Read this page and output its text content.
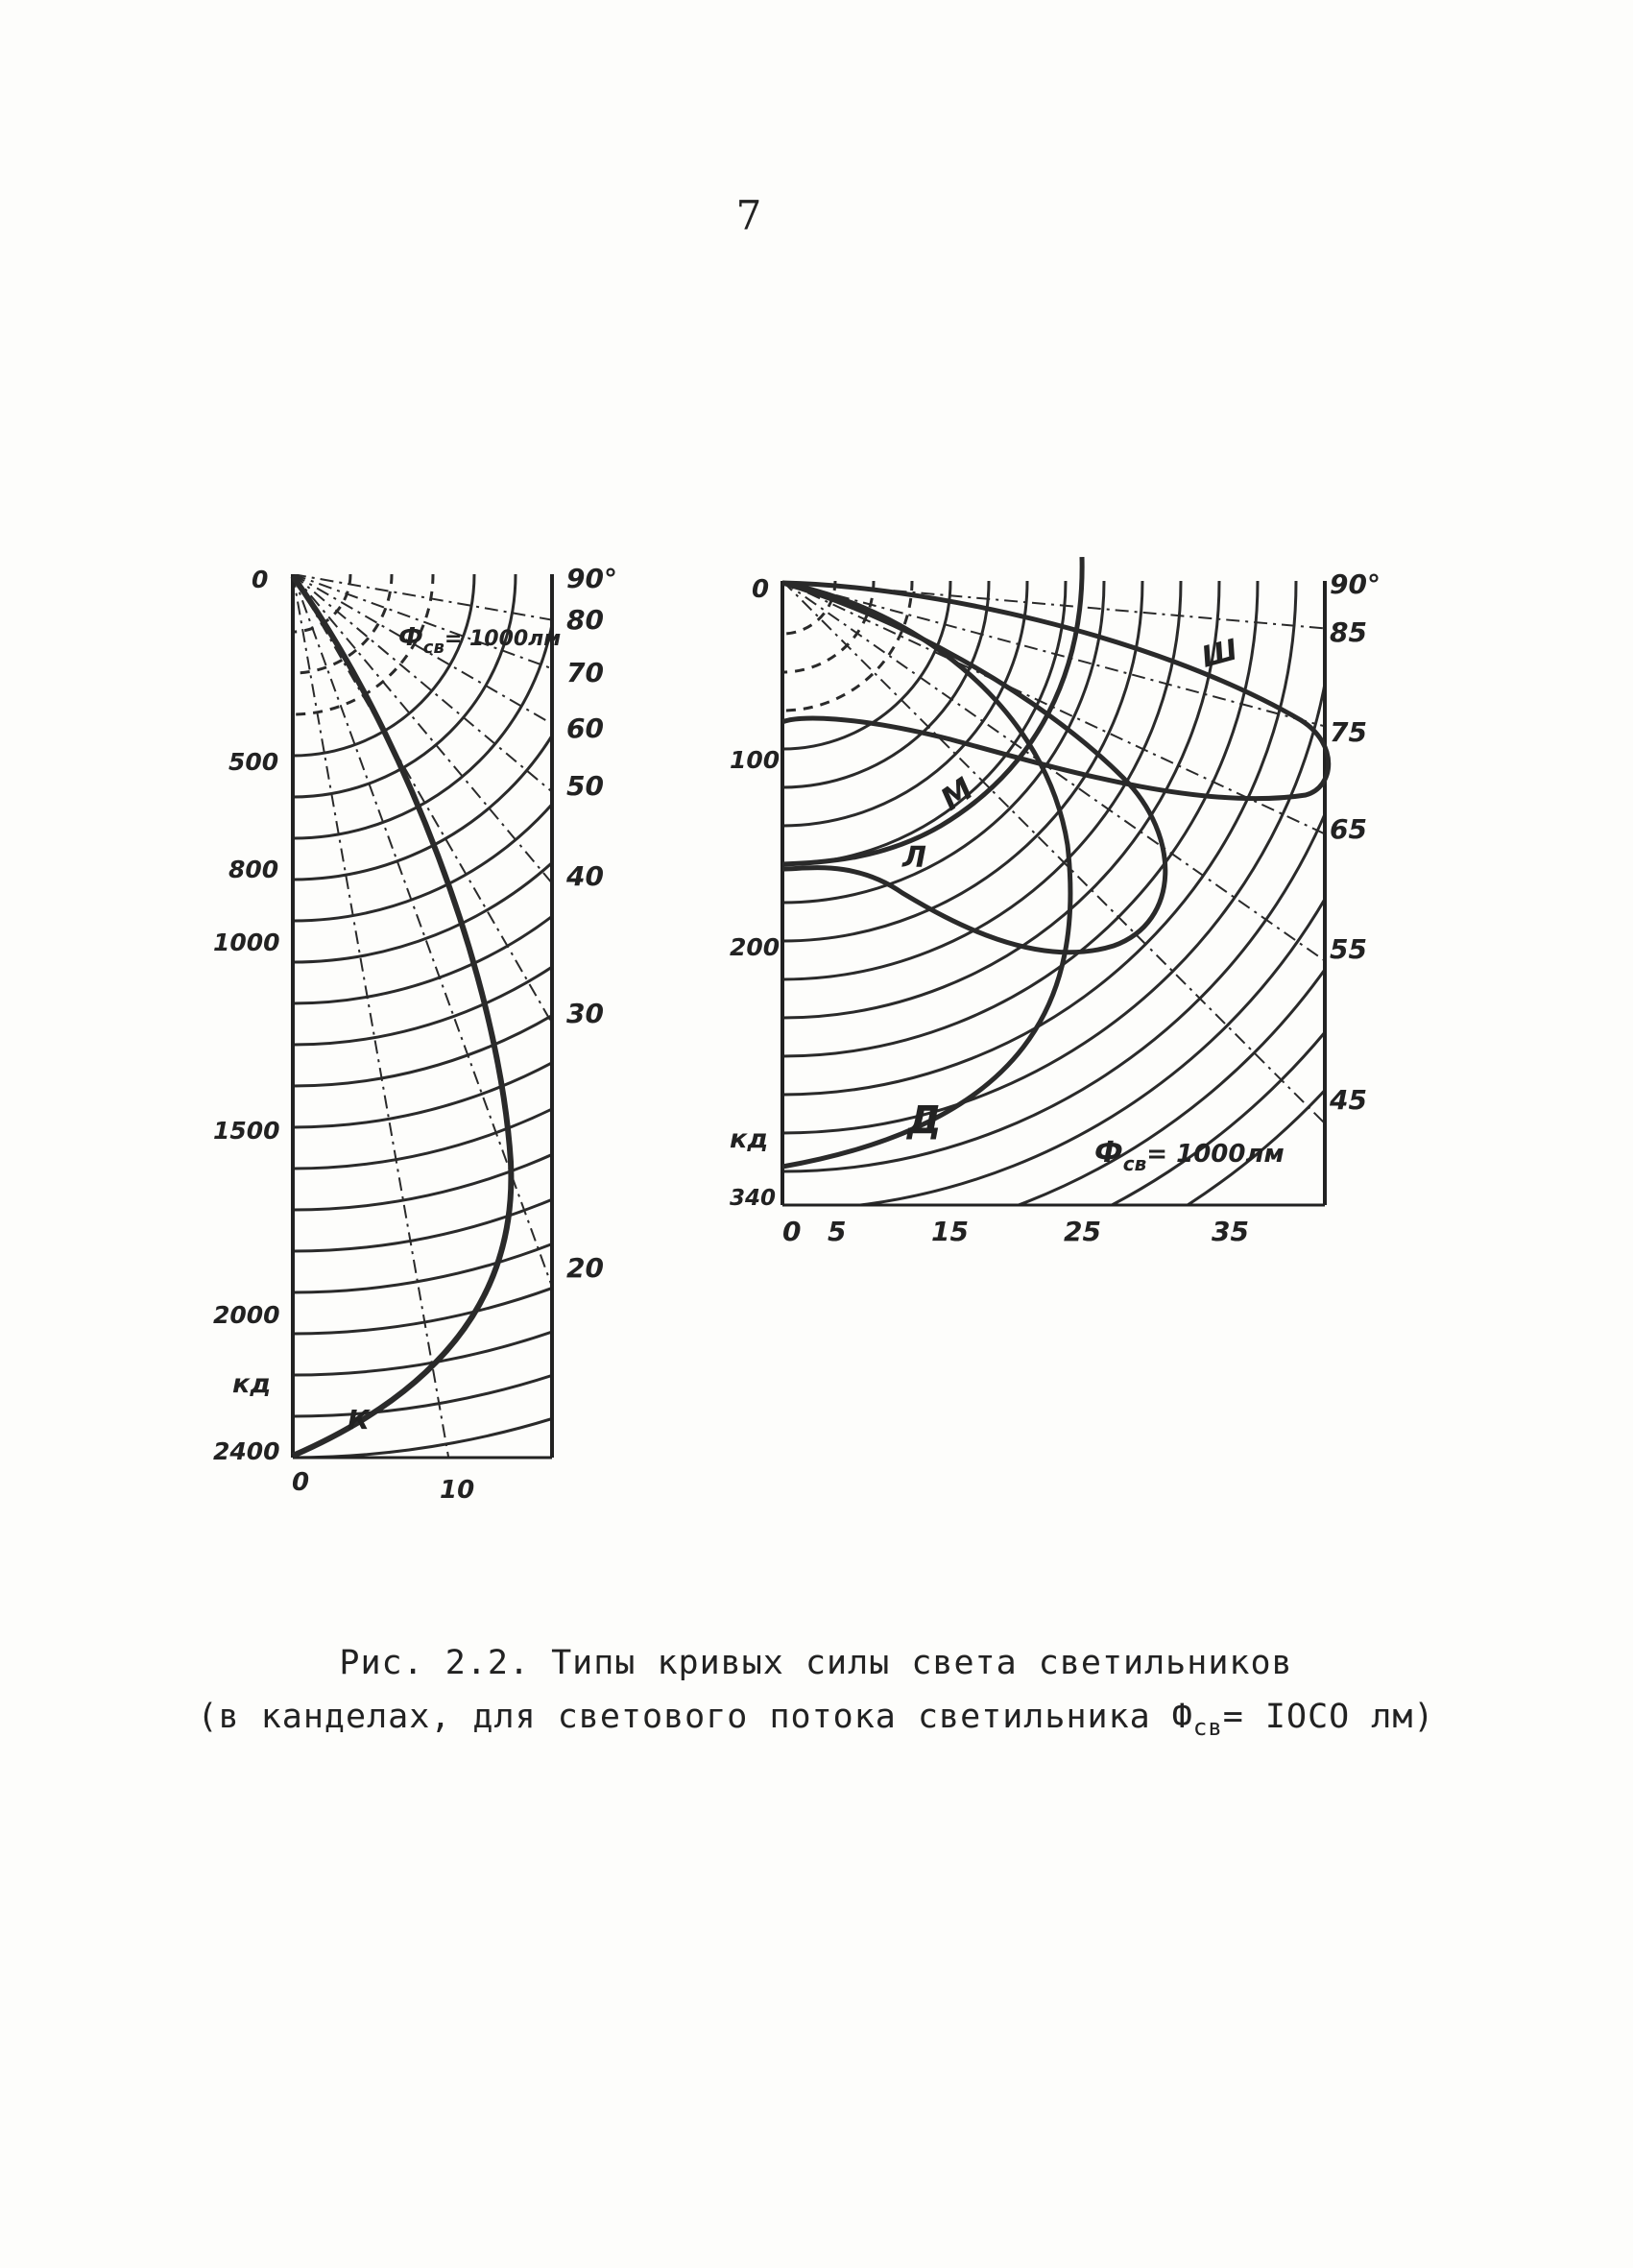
7
0
500
800
1000
1500
2000
кд
2400
90°
80
70
60
50
40
30
20
0	10
$Ф_{св}^{= 1000лм}$
К
0
100
200
кд
340
90°
85
75
65
55
45
0 5	15	25	35
$Ф_{св}= 1000лм$
Ш
М
Л
Д
Рис. 2.2. Типы кривых силы света светильников
(в канделах, для светового потока светильника $Ф_{св}=$ IOCO лм)
